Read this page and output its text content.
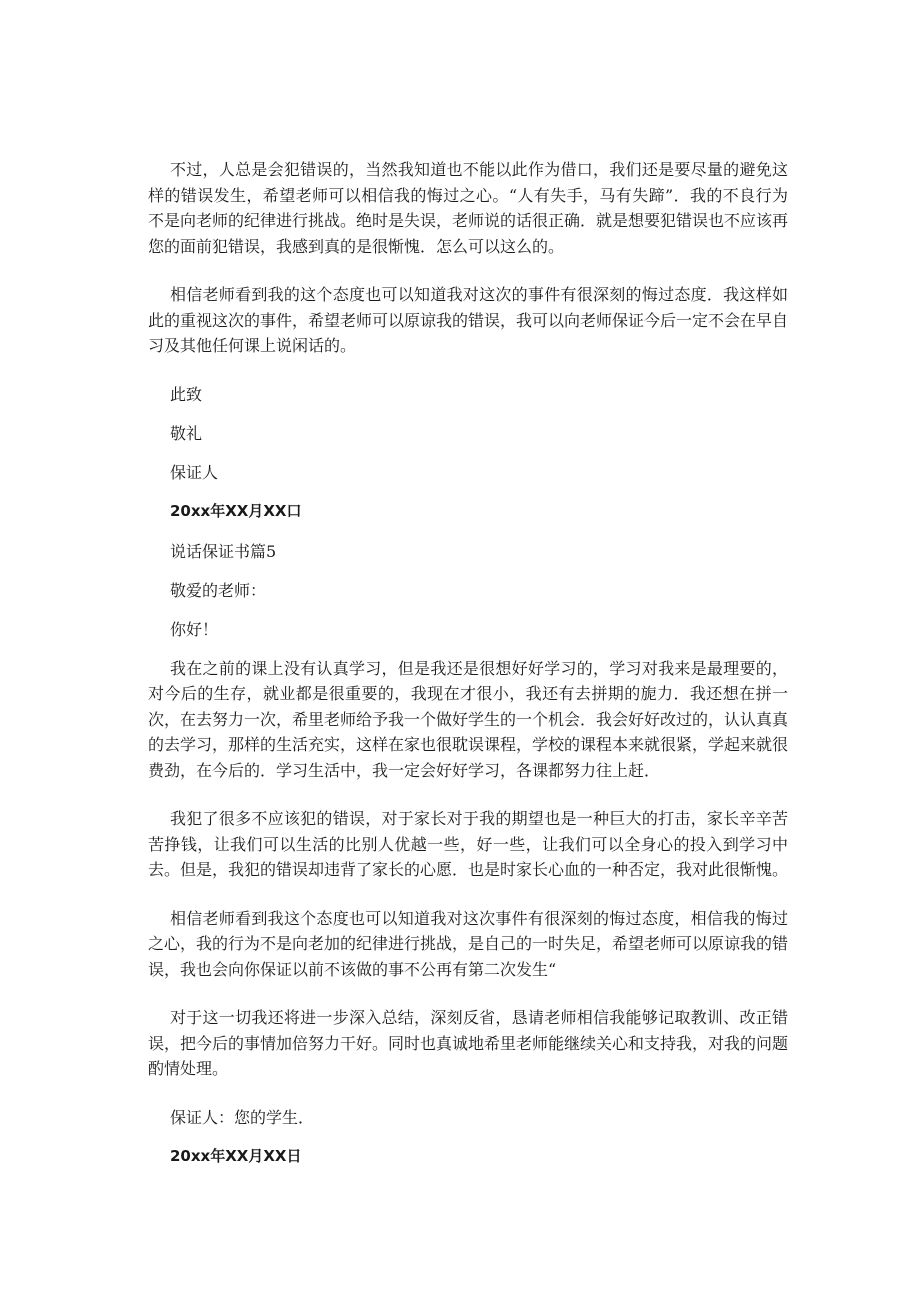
不过，人总是会犯错误的，当然我知道也不能以此作为借口，我们还是要尽量的避免这样的错误发生，希望老师可以相信我的悔过之心。“人有失手，马有失蹄”．我的不良行为不是向老师的纪律进行挑战。绝时是失误，老师说的话很正确．就是想要犯错误也不应该再您的面前犯错误，我感到真的是很惭愧．怎么可以这么的。

相信老师看到我的这个态度也可以知道我对这次的事件有很深刻的悔过态度．我这样如此的重视这次的事件，希望老师可以原谅我的错误，我可以向老师保证今后一定不会在早自习及其他任何课上说闲话的。

此致

敬礼

保证人

20xx年XX月XX口

说话保证书篇5

敬爱的老师：

你好！

我在之前的课上没有认真学习，但是我还是很想好好学习的，学习对我来是最理要的，对今后的生存，就业都是很重要的，我现在才很小，我还有去拼期的旎力．我还想在拼一次，在去努力一次，希里老师给予我一个做好学生的一个机会．我会好好改过的，认认真真的去学习，那样的生活充实，这样在家也很耽误课程，学校的课程本来就很紧，学起来就很费劲，在今后的．学习生活中，我一定会好好学习，各课都努力往上赶．

我犯了很多不应该犯的错误，对于家长对于我的期望也是一种巨大的打击，家长辛辛苦苦挣钱，让我们可以生活的比别人优越一些，好一些，让我们可以全身心的投入到学习中去。但是，我犯的错误却违背了家长的心愿．也是时家长心血的一种否定，我对此很惭愧。

相信老师看到我这个态度也可以知道我对这次事件有很深刻的悔过态度，相信我的悔过之心，我的行为不是向老加的纪律进行挑战，是自己的一时失足，希望老师可以原谅我的错误，我也会向你保证以前不该做的事不公再有第二次发生“

对于这一切我还将进一步深入总结，深刻反省，恳请老师相信我能够记取教训、改正错误，把今后的事情加倍努力干好。同时也真诚地希里老师能继续关心和支持我，对我的问题酌情处理。

保证人：您的学生．

20xx年XX月XX日
